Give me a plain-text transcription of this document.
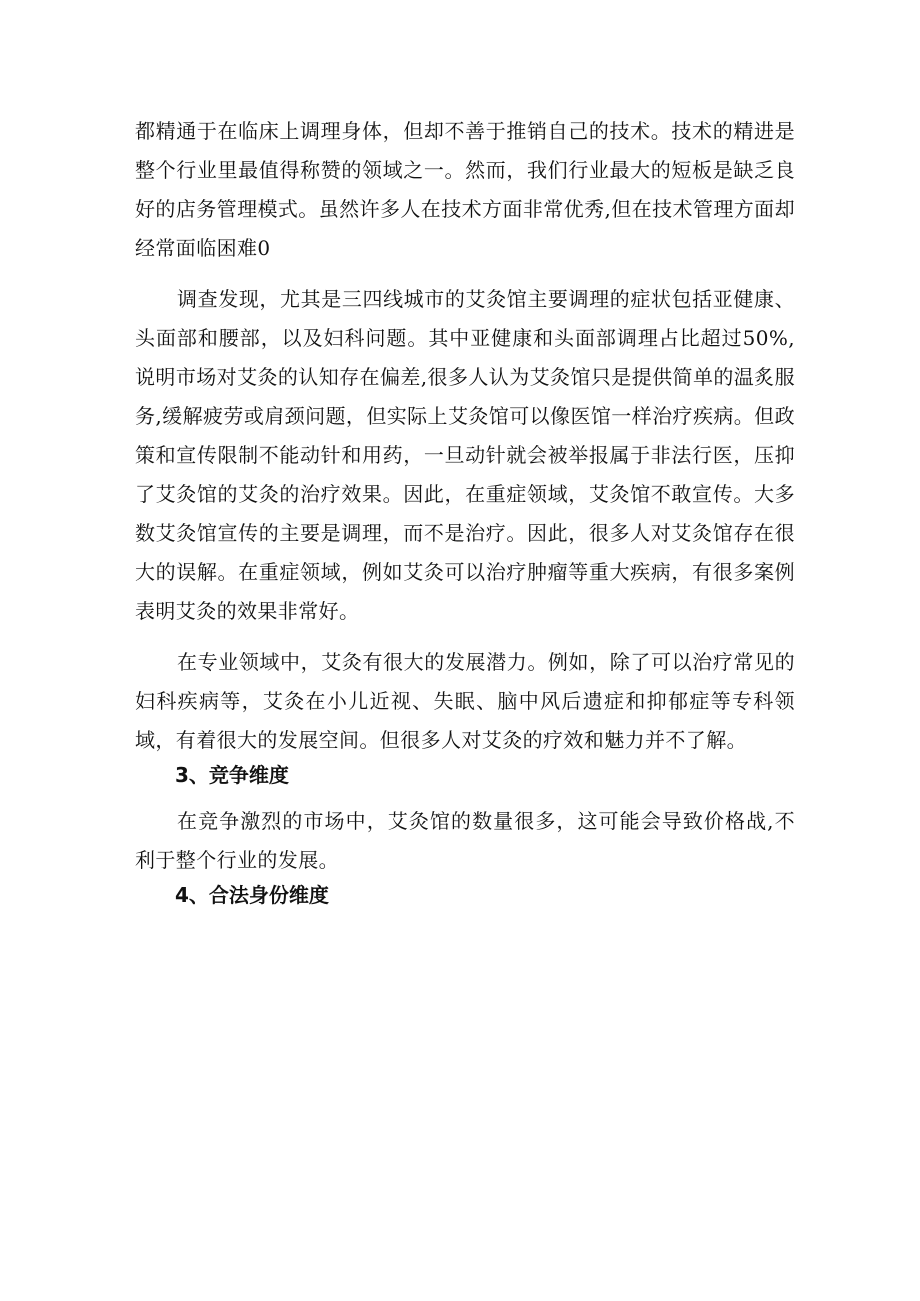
都精通于在临床上调理身体，但却不善于推销自己的技术。技术的精进是整个行业里最值得称赞的领域之一。然而，我们行业最大的短板是缺乏良好的店务管理模式。虽然许多人在技术方面非常优秀,但在技术管理方面却经常面临困难0

调查发现，尤其是三四线城市的艾灸馆主要调理的症状包括亚健康、头面部和腰部，以及妇科问题。其中亚健康和头面部调理占比超过50%,说明市场对艾灸的认知存在偏差,很多人认为艾灸馆只是提供简单的温炙服务,缓解疲劳或肩颈问题，但实际上艾灸馆可以像医馆一样治疗疾病。但政策和宣传限制不能动针和用药，一旦动针就会被举报属于非法行医，压抑了艾灸馆的艾灸的治疗效果。因此，在重症领域，艾灸馆不敢宣传。大多数艾灸馆宣传的主要是调理，而不是治疗。因此，很多人对艾灸馆存在很大的误解。在重症领域，例如艾灸可以治疗肿瘤等重大疾病，有很多案例表明艾灸的效果非常好。

在专业领域中，艾灸有很大的发展潜力。例如，除了可以治疗常见的妇科疾病等，艾灸在小儿近视、失眠、脑中风后遗症和抑郁症等专科领域，有着很大的发展空间。但很多人对艾灸的疗效和魅力并不了解。

3、竞争维度

在竞争激烈的市场中，艾灸馆的数量很多，这可能会导致价格战,不利于整个行业的发展。

4、合法身份维度
